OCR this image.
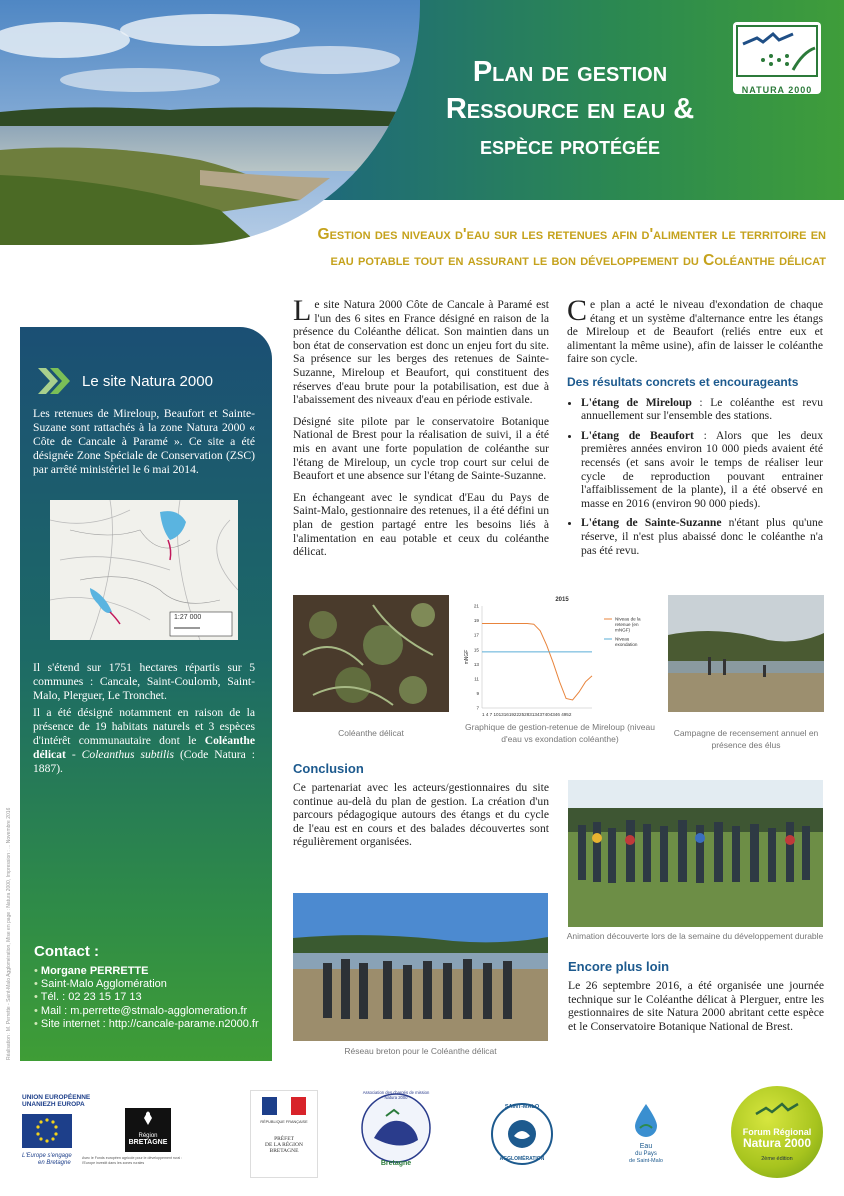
Plan de gestion
Ressource en eau &
espèce protégée
NATURA 2000
Gestion des niveaux d'eau sur les retenues afin d'alimenter le territoire en
eau potable tout en assurant le bon développement du Coléanthe délicat
Le site Natura 2000
Les retenues de Mireloup, Beaufort et Sainte-Suzane sont rattachés à la zone Natura 2000 « Côte de Cancale à Paramé ». Ce site a été désignée Zone Spéciale de Conservation (ZSC) par arrêté ministériel le 6 mai 2014.
1:27 000
Il s'étend sur 1751 hectares répartis sur 5 communes : Cancale, Saint-Coulomb, Saint-Malo, Plerguer, Le Tronchet.
Il a été désigné notamment en raison de la présence de 19 habitats naturels et 3 espèces d'intérêt communautaire dont le Coléanthe délicat - Coleanthus subtilis (Code Natura : 1887).
Réalisation : M. Perrette - Saint-Malo Agglomération, Mise en page : Natura 2000, Impression : ... Novembre 2016 Contact :
• Morgane PERRETTE
• Saint-Malo Agglomération
• Tél. : 02 23 15 17 13
• Mail : m.perrette@stmalo-agglomeration.fr
• Site internet : http://cancale-parame.n2000.fr

Le site Natura 2000 Côte de Cancale à Paramé est l'un des 6 sites en France désigné en raison de la présence du Coléanthe délicat. Son maintien dans un bon état de conservation est donc un enjeu fort du site. Sa présence sur les berges des retenues de Sainte-Suzanne, Mireloup et Beaufort, qui constituent des réserves d'eau brute pour la potabilisation, est due à l'abaissement des niveaux d'eau en période estivale.

Désigné site pilote par le conservatoire Botanique National de Brest pour la réalisation de suivi, il a été mis en avant une forte population de coléanthe sur l'étang de Mireloup, un cycle trop court sur celui de Beaufort et une absence sur l'étang de Sainte-Suzanne.

En échangeant avec le syndicat d'Eau du Pays de Saint-Malo, gestionnaire des retenues, il a été défini un plan de gestion partagé entre les besoins liés à l'alimentation en eau potable et ceux du coléanthe délicat.

Ce plan a acté le niveau d'exondation de chaque étang et un système d'alternance entre les étangs de Mireloup et de Beaufort (reliés entre eux et alimentant la même usine), afin de laisser le coléanthe faire son cycle.

Des résultats concrets et encourageants
• L'étang de Mireloup : Le coléanthe est revu annuellement sur l'ensemble des stations.
• L'étang de Beaufort : Alors que les deux premières années environ 10 000 pieds avaient été recensés (et sans avoir le temps de réaliser leur cycle de reproduction pouvant entrainer l'affaiblissement de la plante), il a été observé en masse en 2016 (environ 90 000 pieds).
• L'étang de Sainte-Suzanne n'étant plus qu'une réserve, il n'est plus abaissé donc le coléanthe n'a pas été revu.
Coléanthe délicat
2015
mNGF
7
9
11
13
15
17
19
21
1 4 7 10131619222528313437404346 4952
Niveau de la retenue (en mNGF)
Niveau exondation
Graphique de gestion-retenue de Mireloup (niveau d'eau vs exondation coléanthe)
Campagne de recensement annuel en présence des élus
Conclusion
Ce partenariat avec les acteurs/gestionnaires du site continue au-delà du plan de gestion. La création d'un parcours pédagogique autours des étangs et du cycle de l'eau est en cours et des balades découvertes sont régulièrement organisées.
Animation découverte lors de la semaine du développement durable
Réseau breton pour le Coléanthe délicat
Encore plus loin
Le 26 septembre 2016, a été organisée une journée technique sur le Coléanthe délicat à Plerguer, entre les gestionnaires de site Natura 2000 abritant cette espèce et le Conservatoire Botanique National de Brest.
UNION EUROPÉENNE
UNANIEZH EUROPA
L'Europe s'engage
en Bretagne
Avec le Fonds européen agricole pour le développement rural : l'Europe investit dans les zones rurales
Région
BRETAGNE
RÉPUBLIQUE FRANÇAISE
PRÉFET
DE LA RÉGION
BRETAGNE
Association des chargés de mission Natura 2000
Bretagne
SAINT-MALO
AGGLOMÉRATION
Eau
du Pays
de Saint-Malo
Forum Régional
Natura 2000
2ème édition
